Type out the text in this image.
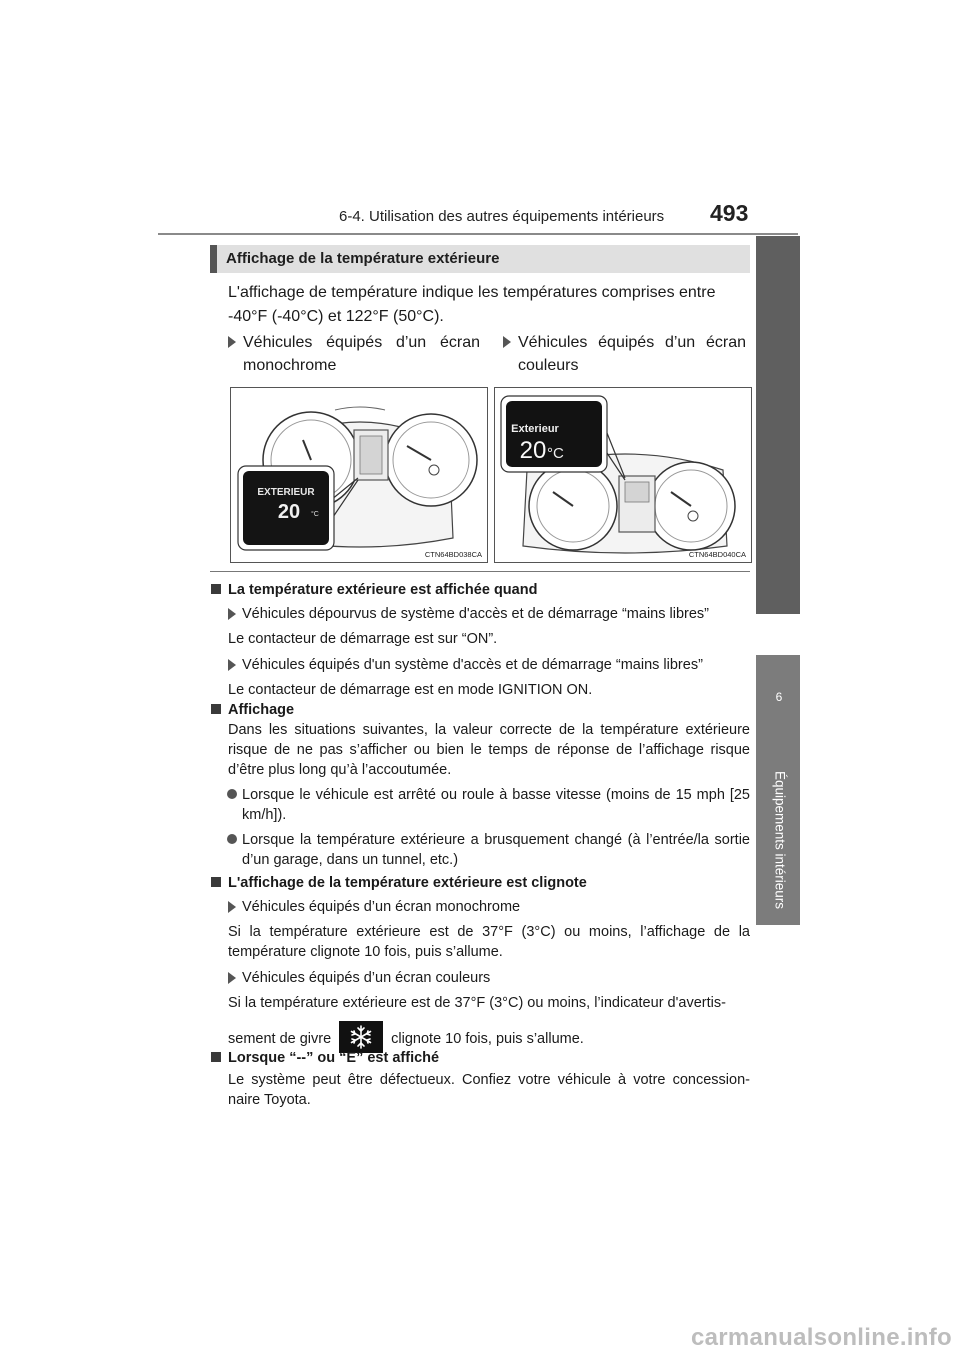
6-4. Utilisation des autres équipements intérieurs 493
6
Équipements intérieurs
Affichage de la température extérieure
L'affichage de température indique les températures comprises entre -40°F (-40°C) et 122°F (50°C).
Véhicules équipés d’un écran
monochrome
Véhicules équipés d’un écran
couleurs
EXTERIEUR
20 °C
CTN64BD038CA
Exterieur
20 °C
CTN64BD040CA
La température extérieure est affichée quand
Véhicules dépourvus de système d'accès et de démarrage “mains libres”
Le contacteur de démarrage est sur “ON”.
Véhicules équipés d'un système d'accès et de démarrage “mains libres”
Le contacteur de démarrage est en mode IGNITION ON.
Affichage
Dans les situations suivantes, la valeur correcte de la température extérieure risque de ne pas s’afficher ou bien le temps de réponse de l’affichage risque d’être plus long qu’à l’accoutumée.
Lorsque le véhicule est arrêté ou roule à basse vitesse (moins de 15 mph [25 km/h]).
Lorsque la température extérieure a brusquement changé (à l’entrée/la sortie d’un garage, dans un tunnel, etc.)
L'affichage de la température extérieure est clignote
Véhicules équipés d’un écran monochrome
Si la température extérieure est de 37°F (3°C) ou moins, l’affichage de la température clignote 10 fois, puis s’allume.
Véhicules équipés d’un écran couleurs
Si la température extérieure est de 37°F (3°C) ou moins, l’indicateur d'avertis-
sement de givre	clignote 10 fois, puis s’allume.
Lorsque “--” ou “E” est affiché
Le système peut être défectueux. Confiez votre véhicule à votre concession-naire Toyota.
carmanualsonline.info
